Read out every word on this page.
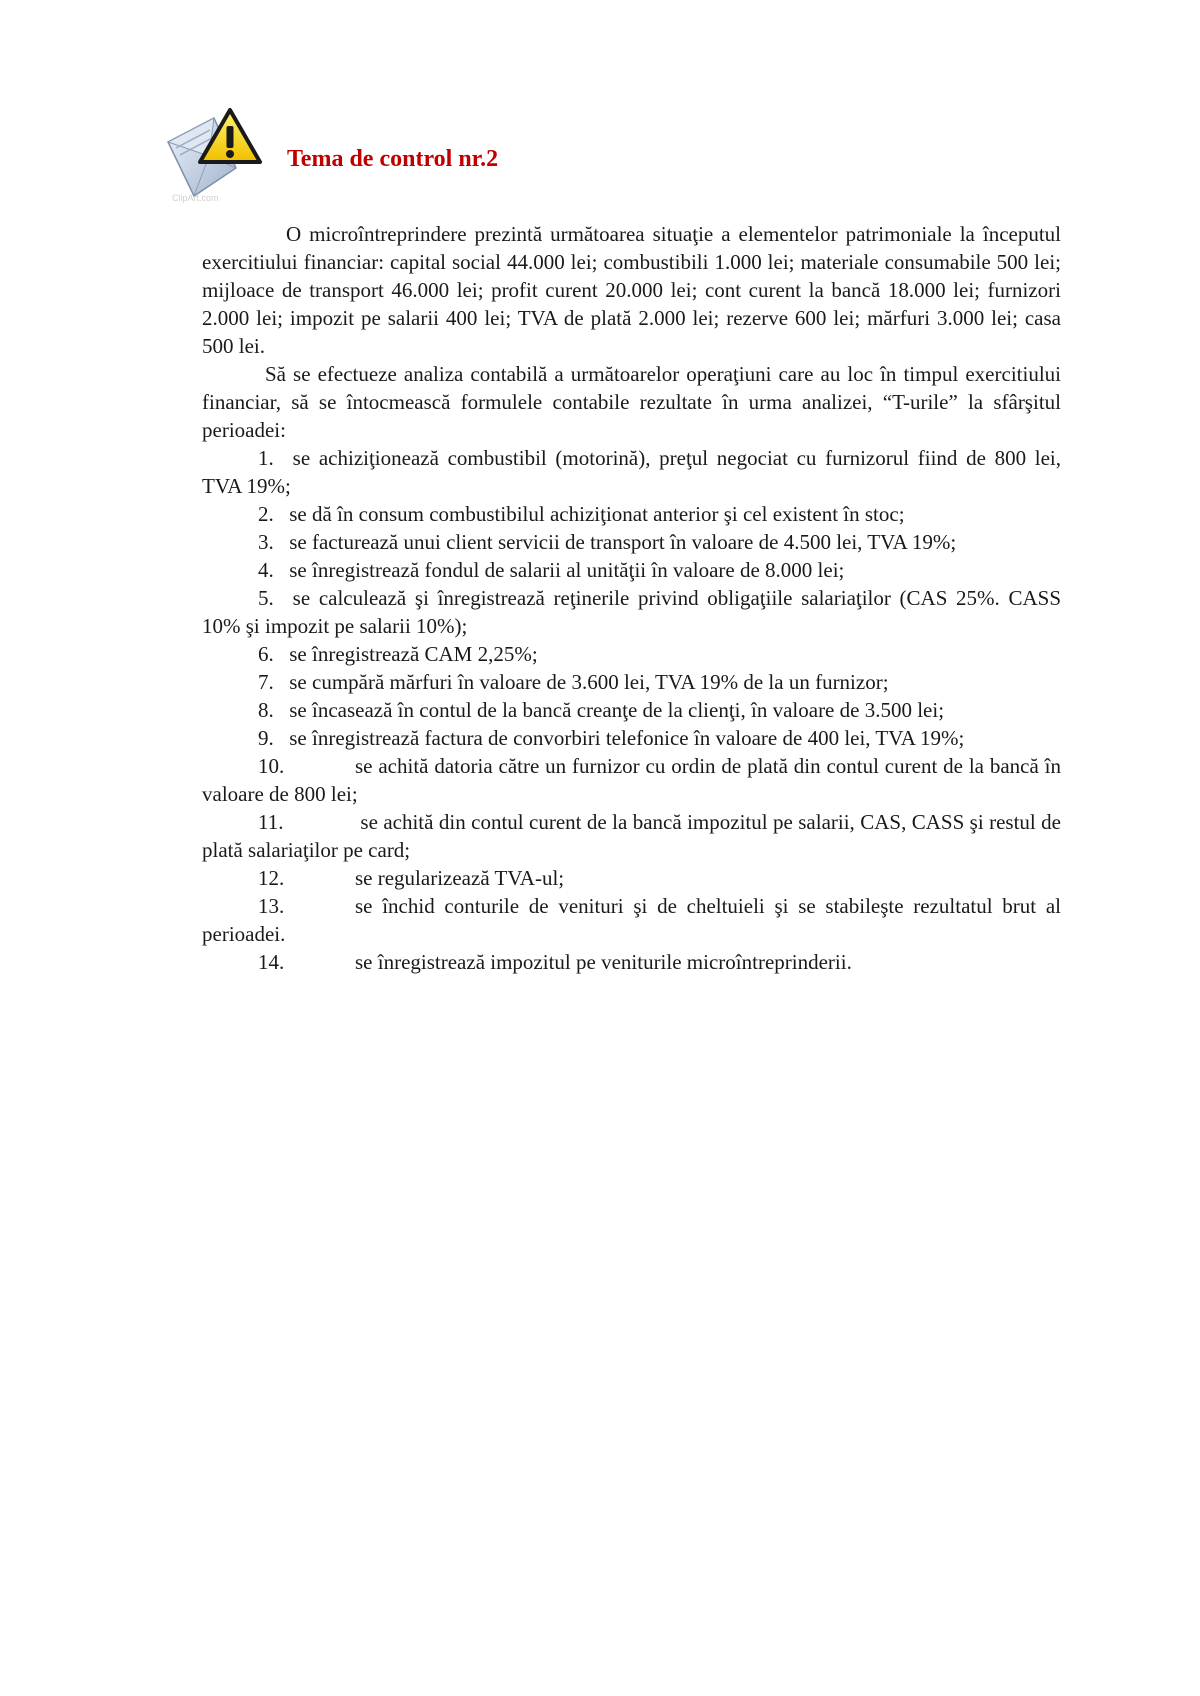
ClipArt.com
Tema de control nr.2

O microîntreprindere prezintă următoarea situaţie a elementelor patrimoniale la începutul exercitiului financiar: capital social 44.000 lei; combustibili 1.000 lei; materiale consumabile 500 lei; mijloace de transport 46.000 lei; profit curent 20.000 lei; cont curent la bancă 18.000 lei; furnizori 2.000 lei; impozit pe salarii 400 lei; TVA de plată 2.000 lei; rezerve 600 lei; mărfuri 3.000 lei; casa 500 lei.

Să se efectueze analiza contabilă a următoarelor operaţiuni care au loc în timpul exercitiului financiar, să se întocmească formulele contabile rezultate în urma analizei, “T-urile” la sfârşitul perioadei:

1. se achiziţionează combustibil (motorină), preţul negociat cu furnizorul fiind de 800 lei, TVA 19%;
2. se dă în consum combustibilul achiziţionat anterior şi cel existent în stoc;
3. se facturează unui client servicii de transport în valoare de 4.500 lei, TVA 19%;
4. se înregistrează fondul de salarii al unităţii în valoare de 8.000 lei;
5. se calculează şi înregistrează reţinerile privind obligaţiile salariaţilor (CAS 25%. CASS 10% şi impozit pe salarii 10%);
6. se înregistrează CAM 2,25%;
7. se cumpără mărfuri în valoare de 3.600 lei, TVA 19% de la un furnizor;
8. se încasează în contul de la bancă creanţe de la clienţi, în valoare de 3.500 lei;
9. se înregistrează factura de convorbiri telefonice în valoare de 400 lei, TVA 19%;
10.	se achită datoria către un furnizor cu ordin de plată din contul curent de la bancă în valoare de 800 lei;
11.	se achită din contul curent de la bancă impozitul pe salarii, CAS, CASS şi restul de plată salariaţilor pe card;
12.	se regularizează TVA-ul;
13.	se închid conturile de venituri şi de cheltuieli şi se stabileşte rezultatul brut al perioadei.
14.	se înregistrează impozitul pe veniturile microîntreprinderii.
